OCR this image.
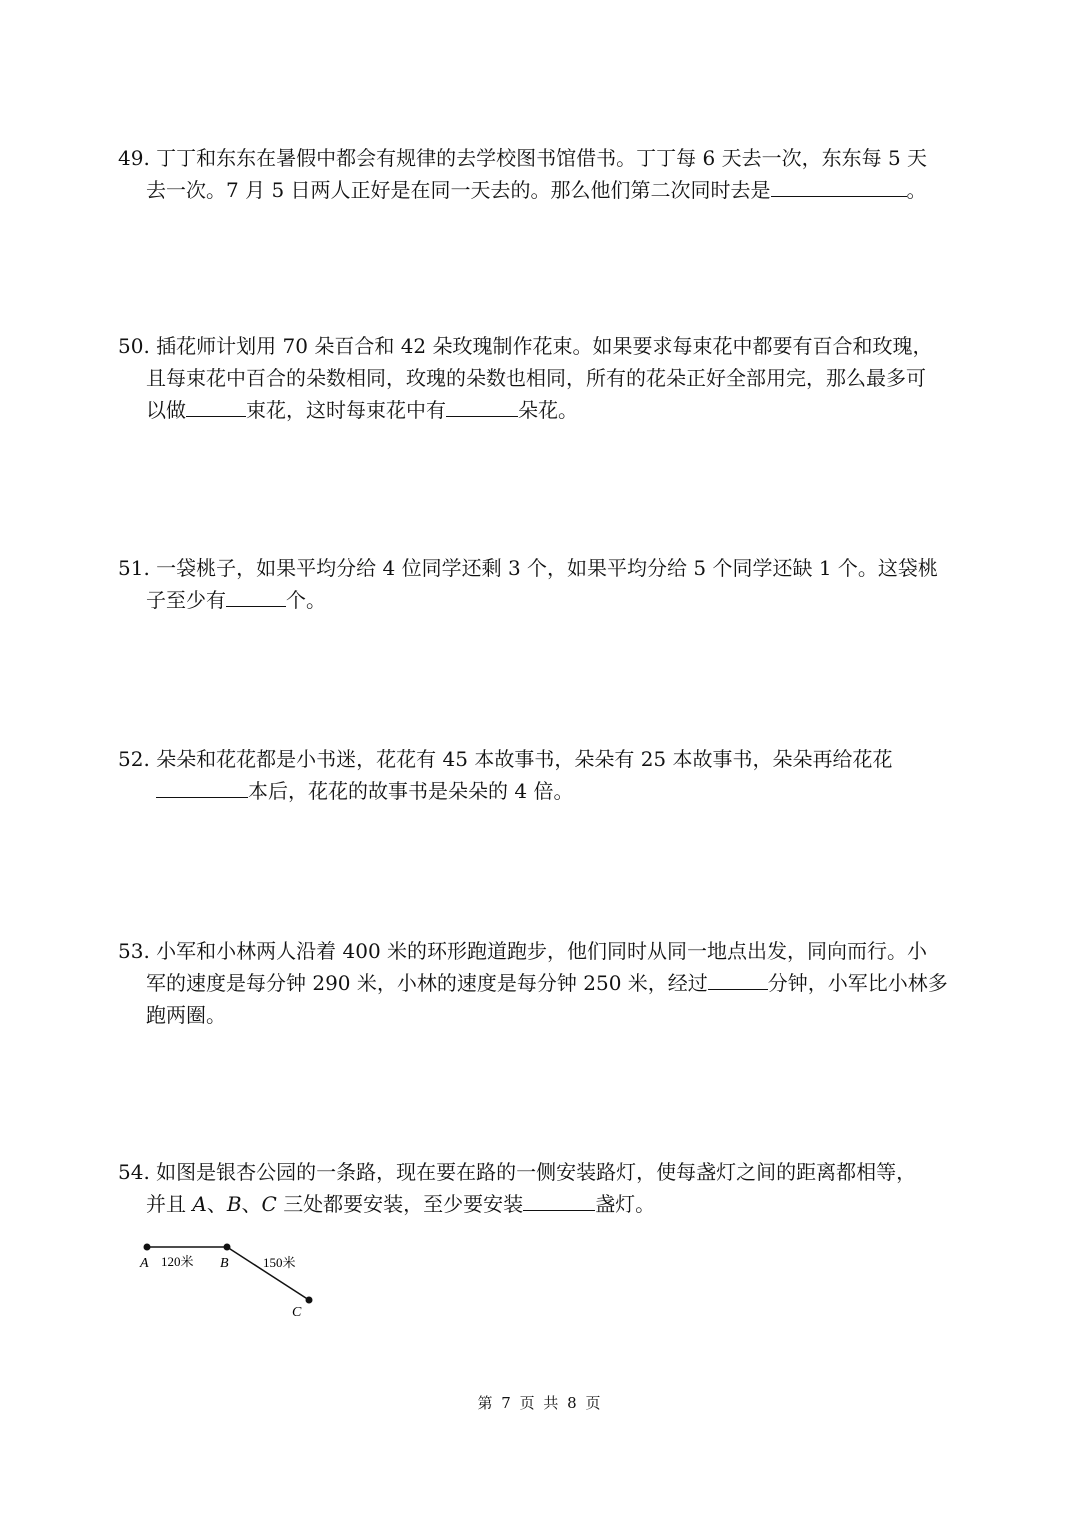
49. 丁丁和东东在暑假中都会有规律的去学校图书馆借书。丁丁每 6 天去一次，东东每 5 天
去一次。7 月 5 日两人正好是在同一天去的。那么他们第二次同时去是	。
50. 插花师计划用 70 朵百合和 42 朵玫瑰制作花束。如果要求每束花中都要有百合和玫瑰，
且每束花中百合的朵数相同，玫瑰的朵数也相同，所有的花朵正好全部用完，那么最多可
以做	束花，这时每束花中有	朵花。
51. 一袋桃子，如果平均分给 4 位同学还剩 3 个，如果平均分给 5 个同学还缺 1 个。这袋桃
子至少有	个。
52. 朵朵和花花都是小书迷，花花有 45 本故事书，朵朵有 25 本故事书，朵朵再给花花
本后，花花的故事书是朵朵的 4 倍。
53. 小军和小林两人沿着 400 米的环形跑道跑步，他们同时从同一地点出发，同向而行。小
军的速度是每分钟 290 米，小林的速度是每分钟 250 米，经过	分钟，小军比小林多
跑两圈。
54. 如图是银杏公园的一条路，现在要在路的一侧安装路灯，使每盏灯之间的距离都相等，
并且 A、B、C 三处都要安装，至少要安装	盏灯。
A	B
C
120米	150米
第 7 页 共 8 页
